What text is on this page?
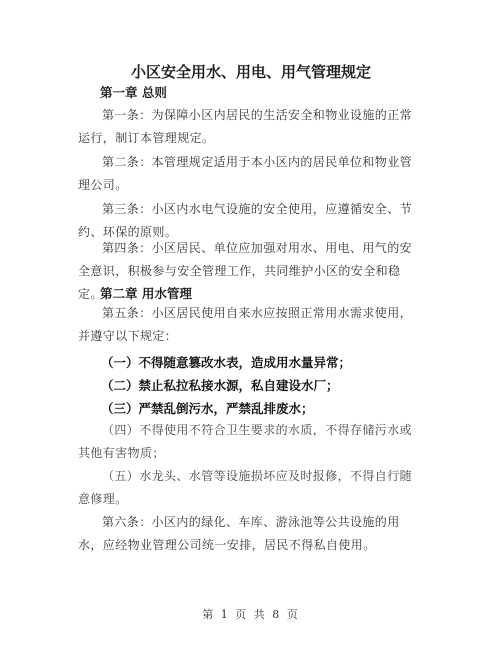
小区安全用水、用电、用气管理规定
第一章 总则
第一条：为保障小区内居民的生活安全和物业设施的正常运行，制订本管理规定。
第二条：本管理规定适用于本小区内的居民单位和物业管理公司。
第三条：小区内水电气设施的安全使用，应遵循安全、节约、环保的原则。
第四条：小区居民、单位应加强对用水、用电、用气的安全意识，积极参与安全管理工作，共同维护小区的安全和稳定。
第二章 用水管理
第五条：小区居民使用自来水应按照正常用水需求使用，并遵守以下规定：
（一）不得随意篡改水表，造成用水量异常；
（二）禁止私拉私接水源，私自建设水厂；
（三）严禁乱倒污水，严禁乱排废水；
（四）不得使用不符合卫生要求的水质，不得存储污水或其他有害物质；
（五）水龙头、水管等设施损坏应及时报修，不得自行随意修理。
第六条：小区内的绿化、车库、游泳池等公共设施的用水，应经物业管理公司统一安排，居民不得私自使用。
第 1 页 共 8 页
